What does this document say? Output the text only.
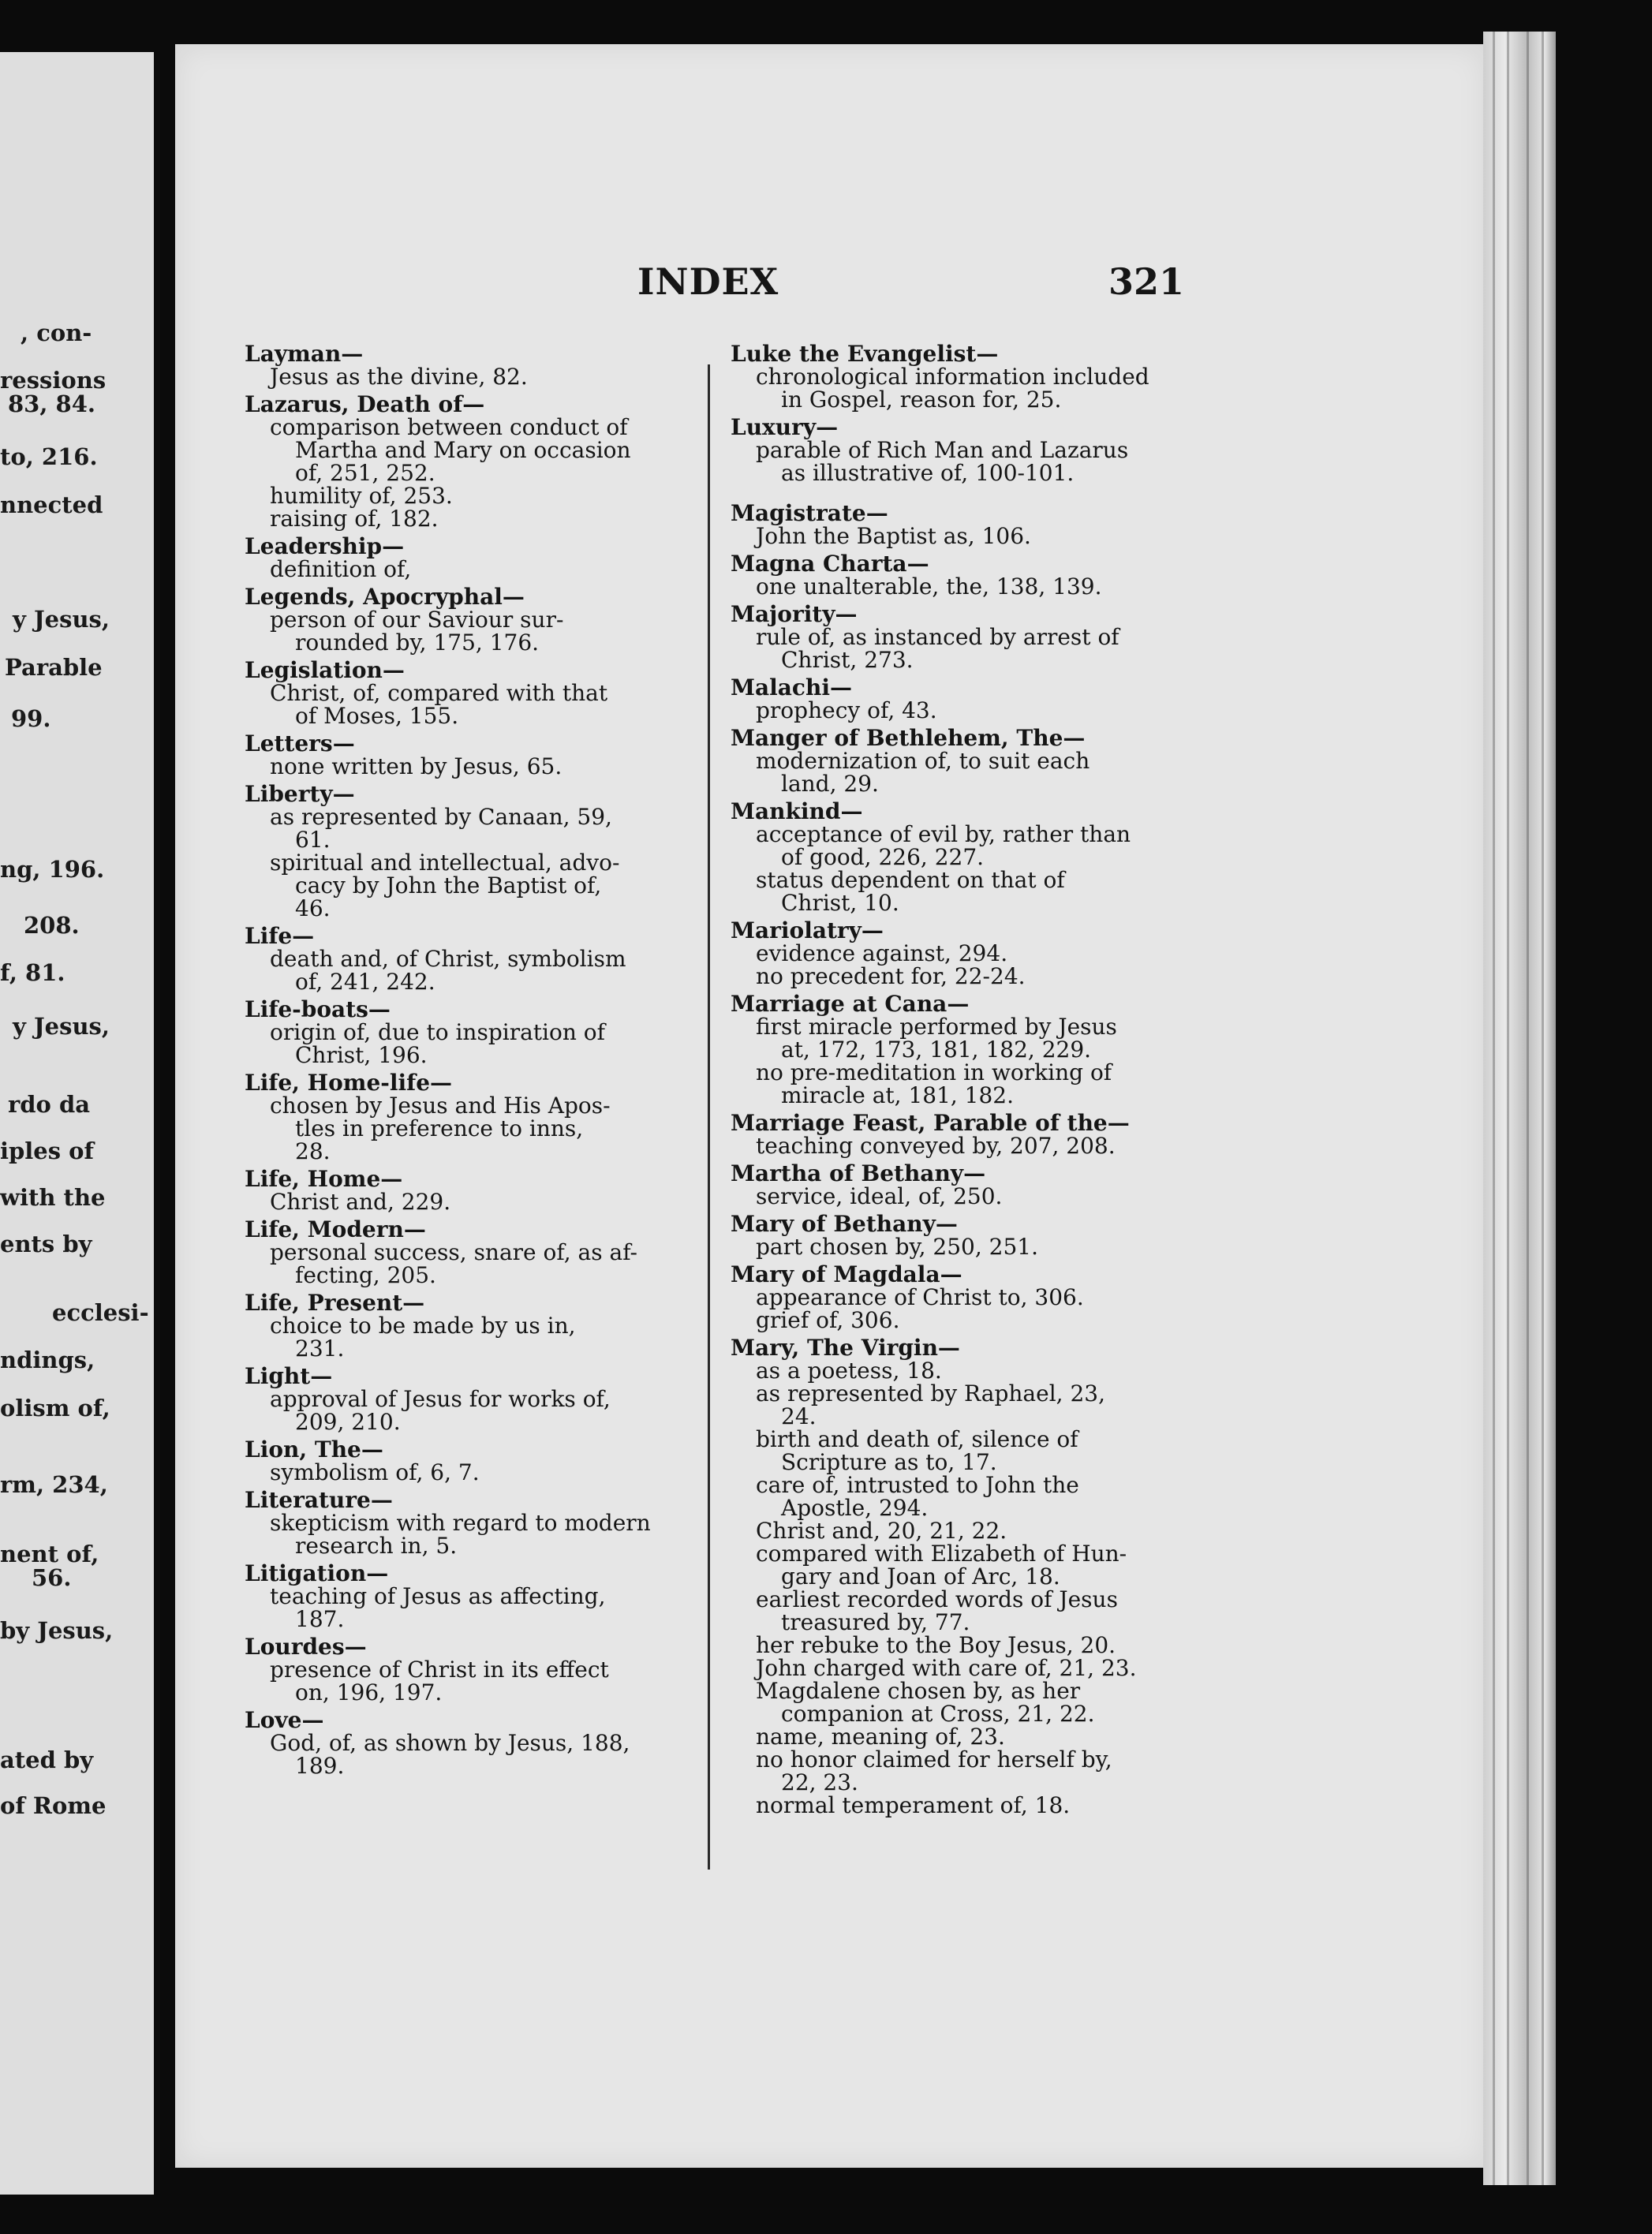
, con-
ressions
83, 84.
to, 216.
nnected
y Jesus,
Parable
99.
ng, 196.
208.
f, 81.
y Jesus,
rdo da
iples of
with the
ents by
ecclesi-
ndings,
olism of,
rm, 234,
nent of,
56.
by Jesus,
ated by
of Rome
INDEX	321
Layman—
Jesus as the divine, 82.
Lazarus, Death of—
comparison between conduct of
Martha and Mary on occasion
of, 251, 252.
humility of, 253.
raising of, 182.
Leadership—
definition of,
Legends, Apocryphal—
person of our Saviour sur-
rounded by, 175, 176.
Legislation—
Christ, of, compared with that
of Moses, 155.
Letters—
none written by Jesus, 65.
Liberty—
as represented by Canaan, 59,
61.
spiritual and intellectual, advo-
cacy by John the Baptist of,
46.
Life—
death and, of Christ, symbolism
of, 241, 242.
Life-boats—
origin of, due to inspiration of
Christ, 196.
Life, Home-life—
chosen by Jesus and His Apos-
tles in preference to inns,
28.
Life, Home—
Christ and, 229.
Life, Modern—
personal success, snare of, as af-
fecting, 205.
Life, Present—
choice to be made by us in,
231.
Light—
approval of Jesus for works of,
209, 210.
Lion, The—
symbolism of, 6, 7.
Literature—
skepticism with regard to modern
research in, 5.
Litigation—
teaching of Jesus as affecting,
187.
Lourdes—
presence of Christ in its effect
on, 196, 197.
Love—
God, of, as shown by Jesus, 188,
189.
Luke the Evangelist—
chronological information included
in Gospel, reason for, 25.
Luxury—
parable of Rich Man and Lazarus
as illustrative of, 100-101.
Magistrate—
John the Baptist as, 106.
Magna Charta—
one unalterable, the, 138, 139.
Majority—
rule of, as instanced by arrest of
Christ, 273.
Malachi—
prophecy of, 43.
Manger of Bethlehem, The—
modernization of, to suit each
land, 29.
Mankind—
acceptance of evil by, rather than
of good, 226, 227.
status dependent on that of
Christ, 10.
Mariolatry—
evidence against, 294.
no precedent for, 22-24.
Marriage at Cana—
first miracle performed by Jesus
at, 172, 173, 181, 182, 229.
no pre-meditation in working of
miracle at, 181, 182.
Marriage Feast, Parable of the—
teaching conveyed by, 207, 208.
Martha of Bethany—
service, ideal, of, 250.
Mary of Bethany—
part chosen by, 250, 251.
Mary of Magdala—
appearance of Christ to, 306.
grief of, 306.
Mary, The Virgin—
as a poetess, 18.
as represented by Raphael, 23,
24.
birth and death of, silence of
Scripture as to, 17.
care of, intrusted to John the
Apostle, 294.
Christ and, 20, 21, 22.
compared with Elizabeth of Hun-
gary and Joan of Arc, 18.
earliest recorded words of Jesus
treasured by, 77.
her rebuke to the Boy Jesus, 20.
John charged with care of, 21, 23.
Magdalene chosen by, as her
companion at Cross, 21, 22.
name, meaning of, 23.
no honor claimed for herself by,
22, 23.
normal temperament of, 18.
